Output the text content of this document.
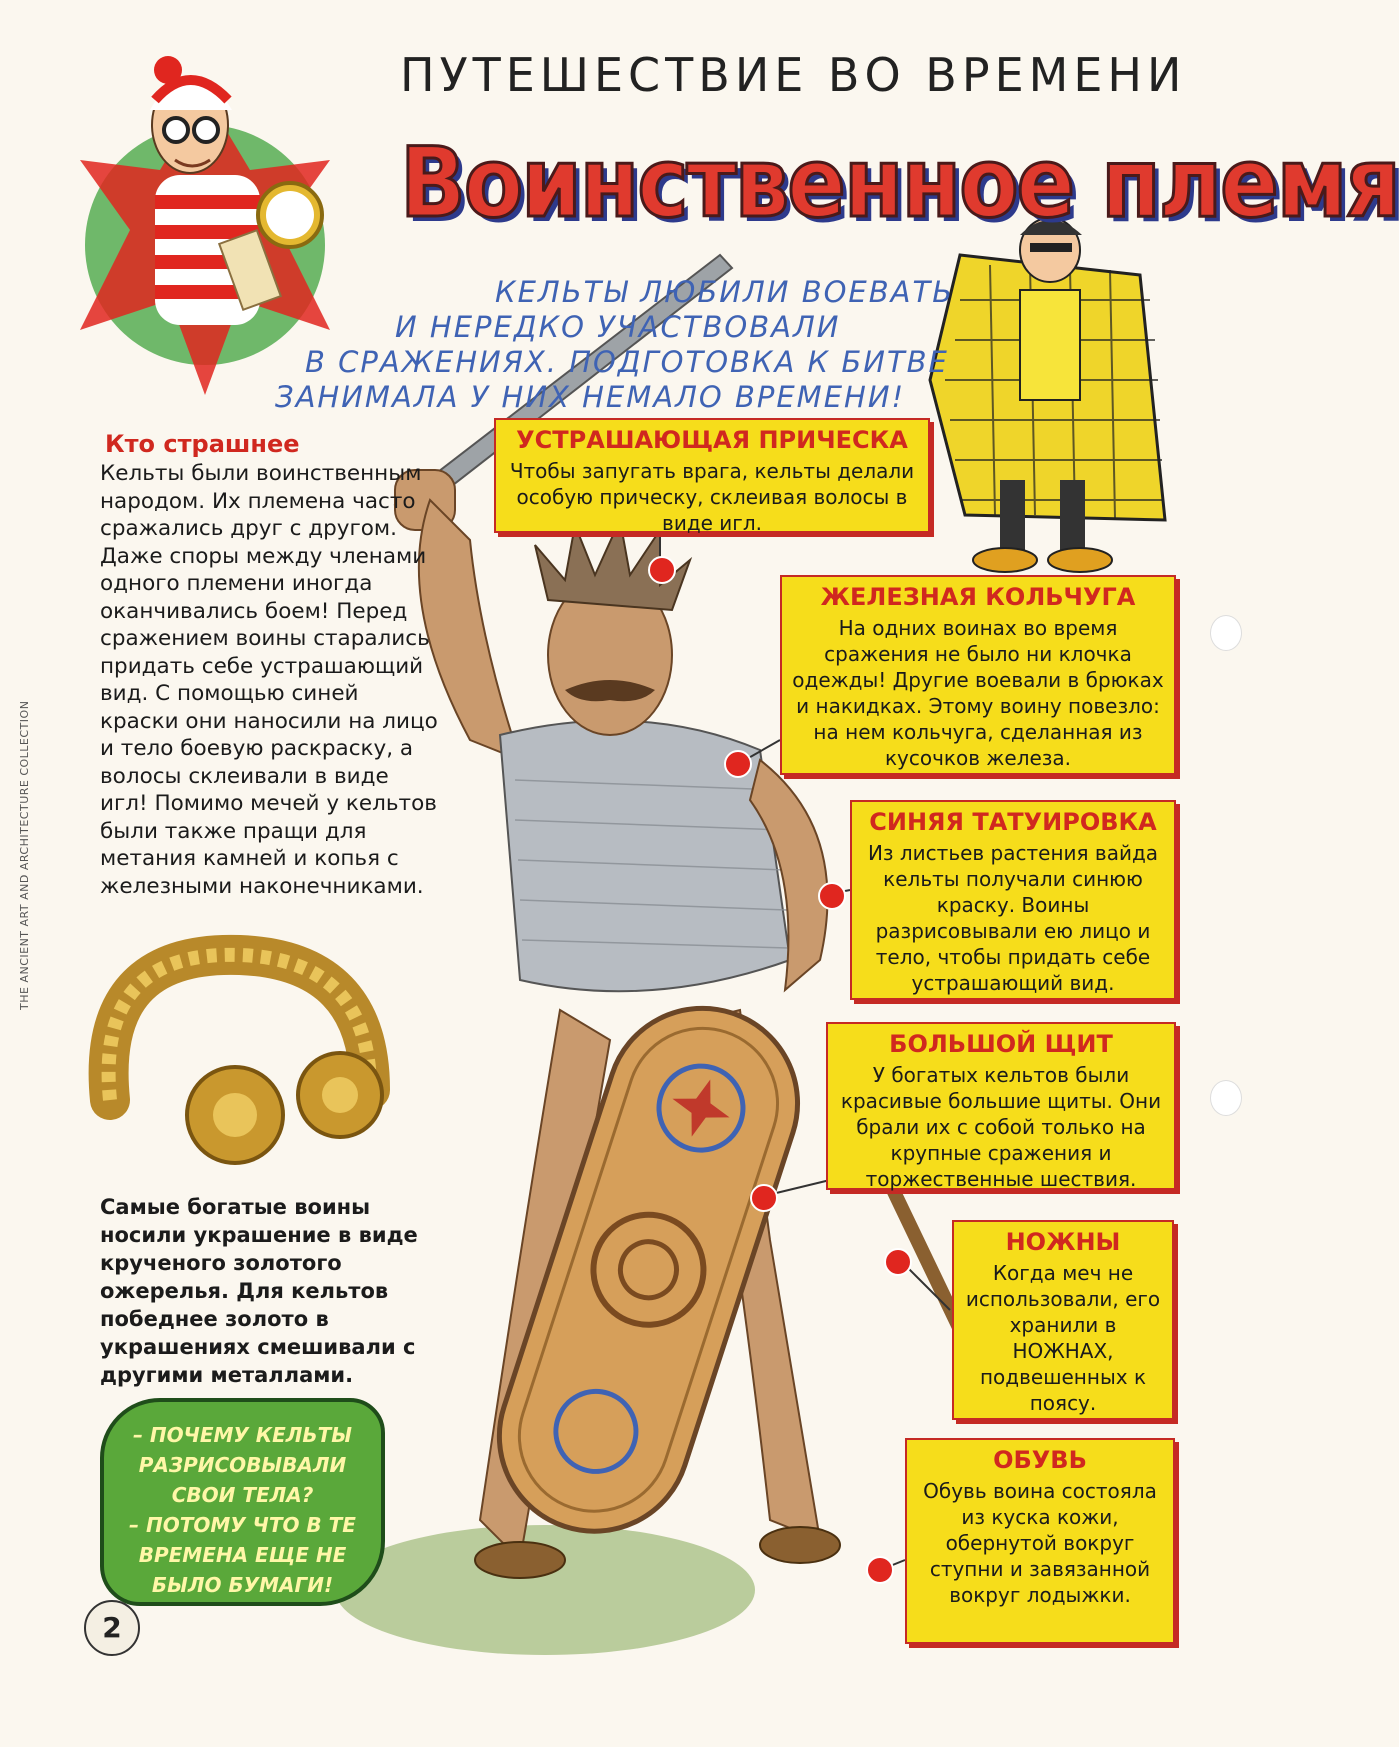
ПУТЕШЕСТВИЕ ВО ВРЕМЕНИ
Воинственное племя
КЕЛЬТЫ ЛЮБИЛИ ВОЕВАТЬ
И НЕРЕДКО УЧАСТВОВАЛИ
В СРАЖЕНИЯХ. ПОДГОТОВКА К БИТВЕ
ЗАНИМАЛА У НИХ НЕМАЛО ВРЕМЕНИ!
Кто страшнее
Кельты были воинственным народом. Их племена часто сражались друг с другом. Даже споры между членами одного племени иногда оканчивались боем! Перед сражением воины старались придать себе устрашающий вид. С помощью синей краски они наносили на лицо и тело боевую раскраску, а волосы склеивали в виде игл! Помимо мечей у кельтов были также пращи для метания камней и копья с железными наконечниками.
Самые богатые воины носили украшение в виде крученого золотого ожерелья. Для кельтов победнее золото в украшениях смешивали с другими металлами.
– ПОЧЕМУ КЕЛЬТЫ
РАЗРИСОВЫВАЛИ
СВОИ ТЕЛА?
– ПОТОМУ ЧТО В ТЕ
ВРЕМЕНА ЕЩЕ НЕ
БЫЛО БУМАГИ!
2
THE ANCIENT ART AND ARCHITECTURE COLLECTION
УСТРАШАЮЩАЯ ПРИЧЕСКА

Чтобы запугать врага, кельты делали особую прическу, склеивая волосы в виде игл.

ЖЕЛЕЗНАЯ КОЛЬЧУГА

На одних воинах во время сражения не было ни клочка одежды! Другие воевали в брюках и накидках. Этому воину повезло: на нем кольчуга, сделанная из кусочков железа.

СИНЯЯ ТАТУИРОВКА

Из листьев растения вайда кельты получали синюю краску. Воины разрисовывали ею лицо и тело, чтобы придать себе устрашающий вид.

БОЛЬШОЙ ЩИТ

У богатых кельтов были красивые большие щиты. Они брали их с собой только на крупные сражения и торжественные шествия.

НОЖНЫ

Когда меч не использовали, его хранили в НОЖНАХ, подвешенных к поясу.

ОБУВЬ

Обувь воина состояла из куска кожи, обернутой вокруг ступни и завязанной вокруг лодыжки.
